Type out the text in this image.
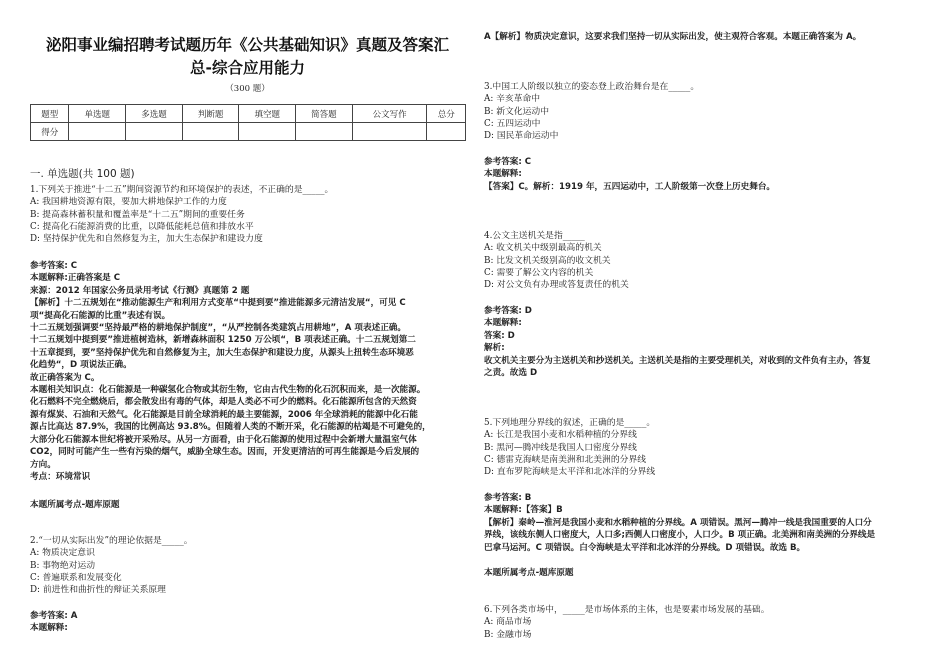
泌阳事业编招聘考试题历年《公共基础知识》真题及答案汇
总-综合应用能力
（300 题）
题型	单选题	多选题	判断题	填空题	简答题	公文写作	总分
得分							
一. 单选题(共 100 题)

1.下列关于推进“十二五”期间资源节约和环境保护的表述，不正确的是_____。

A: 我国耕地资源有限，要加大耕地保护工作的力度

B: 提高森林蓄积量和覆盖率是“十二五”期间的重要任务

C: 提高化石能源消费的比重，以降低能耗总值和排放水平

D: 坚持保护优先和自然修复为主，加大生态保护和建设力度

参考答案: C

本题解释:正确答案是 C

来源：2012 年国家公务员录用考试《行测》真题第 2 题

【解析】十二五规划在“推动能源生产和利用方式变革“中提到要”推进能源多元清洁发展“，可见 C

项“提高化石能源的比重”表述有误。

十二五规划强调要“坚持最严格的耕地保护制度”，“从严控制各类建筑占用耕地”，A 项表述正确。

十二五规划中提到要”推进植树造林，新增森林面积 1250 万公顷“，B 项表述正确。十二五规划第二

十五章提到，要”坚持保护优先和自然修复为主，加大生态保护和建设力度，从源头上扭转生态环境恶

化趋势“，D 项说法正确。

故正确答案为 C。

本题相关知识点：化石能源是一种碳氢化合物或其衍生物，它由古代生物的化石沉积而来，是一次能源。

化石燃料不完全燃烧后，都会散发出有毒的气体，却是人类必不可少的燃料。化石能源所包含的天然资

源有煤炭、石油和天然气。化石能源是目前全球消耗的最主要能源，2006 年全球消耗的能源中化石能

源占比高达 87.9%，我国的比例高达 93.8%。但随着人类的不断开采，化石能源的枯竭是不可避免的，

大部分化石能源本世纪将被开采殆尽。从另一方面看，由于化石能源的使用过程中会新增大量温室气体

CO2，同时可能产生一些有污染的烟气，威胁全球生态。因而，开发更清洁的可再生能源是今后发展的

方向。

考点：环境常识

本题所属考点-题库原题

2.“一切从实际出发”的理论依据是_____。

A: 物质决定意识

B: 事物绝对运动

C: 普遍联系和发展变化

D: 前进性和曲折性的辩证关系原理

参考答案: A

本题解释:

A【解析】物质决定意识，这要求我们坚持一切从实际出发，使主观符合客观。本题正确答案为 A。

3.中国工人阶级以独立的姿态登上政治舞台是在_____。

A: 辛亥革命中

B: 新文化运动中

C: 五四运动中

D: 国民革命运动中

参考答案: C

本题解释:

【答案】C。解析：1919 年，五四运动中，工人阶级第一次登上历史舞台。

4.公文主送机关是指_____

A: 收文机关中级别最高的机关

B: 比发文机关级别高的收文机关

C: 需要了解公文内容的机关

D: 对公文负有办理或答复责任的机关

参考答案: D

本题解释:

答案: D

解析:

收文机关主要分为主送机关和抄送机关。主送机关是指的主要受理机关，对收到的文件负有主办，答复

之责。故选 D

5.下列地理分界线的叙述，正确的是_____。

A: 长江是我国小麦和水稻种植的分界线

B: 黑河—腾冲线是我国人口密度分界线

C: 德雷克海峡是南美洲和北美洲的分界线

D: 直布罗陀海峡是太平洋和北冰洋的分界线

参考答案: B

本题解释:【答案】B

【解析】秦岭—淮河是我国小麦和水稻种植的分界线。A 项错误。黑河—腾冲一线是我国重要的人口分

界线，该线东侧人口密度大，人口多;西侧人口密度小，人口少。B 项正确。北美洲和南美洲的分界线是

巴拿马运河。C 项错误。白令海峡是太平洋和北冰洋的分界线。D 项错误。故选 B。

本题所属考点-题库原题

6.下列各类市场中，_____是市场体系的主体，也是要素市场发展的基础。

A: 商品市场

B: 金融市场
